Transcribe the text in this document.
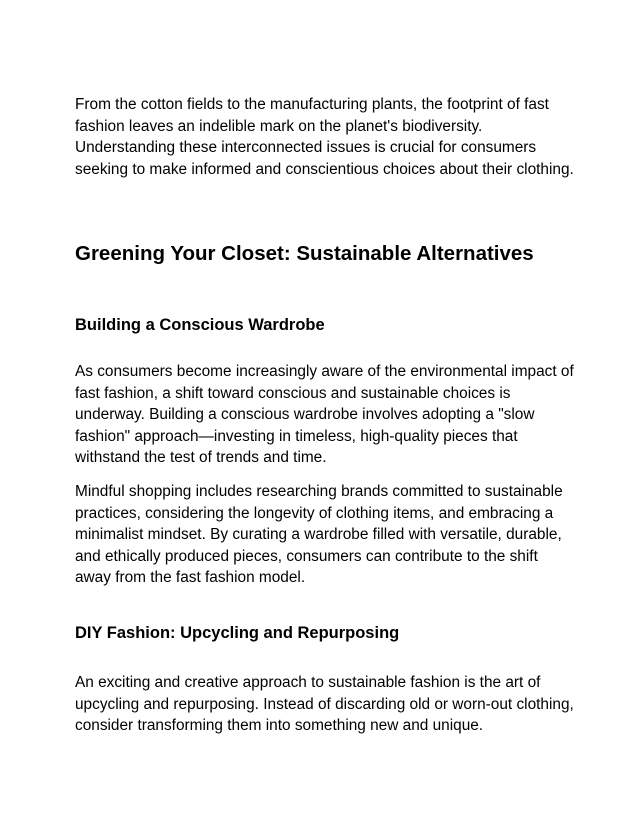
From the cotton fields to the manufacturing plants, the footprint of fast fashion leaves an indelible mark on the planet's biodiversity. Understanding these interconnected issues is crucial for consumers seeking to make informed and conscientious choices about their clothing.

Greening Your Closet: Sustainable Alternatives
Building a Conscious Wardrobe

As consumers become increasingly aware of the environmental impact of fast fashion, a shift toward conscious and sustainable choices is underway. Building a conscious wardrobe involves adopting a "slow fashion" approach—investing in timeless, high-quality pieces that withstand the test of trends and time.

Mindful shopping includes researching brands committed to sustainable practices, considering the longevity of clothing items, and embracing a minimalist mindset. By curating a wardrobe filled with versatile, durable, and ethically produced pieces, consumers can contribute to the shift away from the fast fashion model.

DIY Fashion: Upcycling and Repurposing

An exciting and creative approach to sustainable fashion is the art of upcycling and repurposing. Instead of discarding old or worn-out clothing, consider transforming them into something new and unique.
